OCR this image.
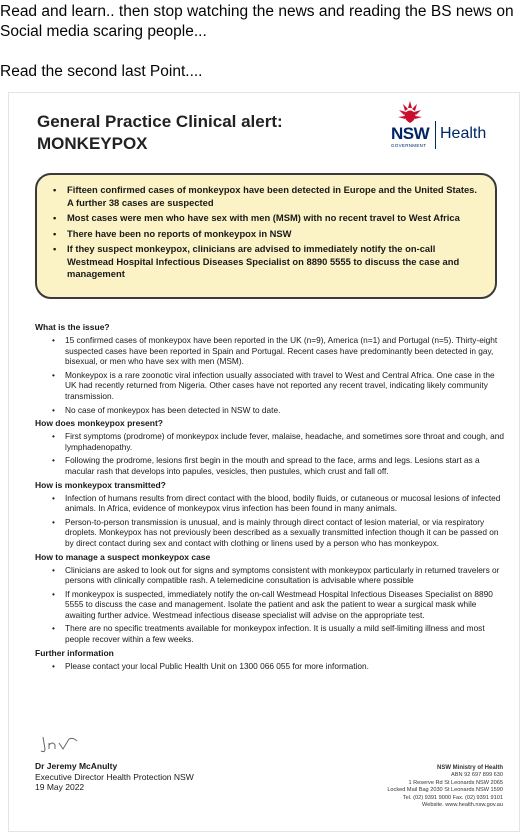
Read and learn.. then stop watching the news and reading the BS news on Social media scaring people...

Read the second last Point....

General Practice Clinical alert:
MONKEYPOX
NSW
GOVERNMENT
Health
• Fifteen confirmed cases of monkeypox have been detected in Europe and the United States. A further 38 cases are suspected
• Most cases were men who have sex with men (MSM) with no recent travel to West Africa
• There have been no reports of monkeypox in NSW
• If they suspect monkeypox, clinicians are advised to immediately notify the on-call Westmead Hospital Infectious Diseases Specialist on 8890 5555 to discuss the case and management
What is the issue?
• 15 confirmed cases of monkeypox have been reported in the UK (n=9), America (n=1) and Portugal (n=5). Thirty-eight suspected cases have been reported in Spain and Portugal. Recent cases have predominantly been detected in gay, bisexual, or men who have sex with men (MSM).
• Monkeypox is a rare zoonotic viral infection usually associated with travel to West and Central Africa. One case in the UK had recently returned from Nigeria. Other cases have not reported any recent travel, indicating likely community transmission.
• No case of monkeypox has been detected in NSW to date.
How does monkeypox present?
• First symptoms (prodrome) of monkeypox include fever, malaise, headache, and sometimes sore throat and cough, and lymphadenopathy.
• Following the prodrome, lesions first begin in the mouth and spread to the face, arms and legs. Lesions start as a macular rash that develops into papules, vesicles, then pustules, which crust and fall off.
How is monkeypox transmitted?
• Infection of humans results from direct contact with the blood, bodily fluids, or cutaneous or mucosal lesions of infected animals. In Africa, evidence of monkeypox virus infection has been found in many animals.
• Person-to-person transmission is unusual, and is mainly through direct contact of lesion material, or via respiratory droplets. Monkeypox has not previously been described as a sexually transmitted infection though it can be passed on by direct contact during sex and contact with clothing or linens used by a person who has monkeypox.
How to manage a suspect monkeypox case
• Clinicians are asked to look out for signs and symptoms consistent with monkeypox particularly in returned travelers or persons with clinically compatible rash. A telemedicine consultation is advisable where possible
• If monkeypox is suspected, immediately notify the on-call Westmead Hospital Infectious Diseases Specialist on 8890 5555 to discuss the case and management. Isolate the patient and ask the patient to wear a surgical mask while awaiting further advice. Westmead infectious disease specialist will advise on the appropriate test.
• There are no specific treatments available for monkeypox infection. It is usually a mild self-limiting illness and most people recover within a few weeks.
Further information
• Please contact your local Public Health Unit on 1300 066 055 for more information.
Dr Jeremy McAnulty
Executive Director Health Protection NSW
19 May 2022
NSW Ministry of Health
ABN 92 697 899 630
1 Reserve Rd St Leonards NSW 2065
Locked Mail Bag 2030 St Leonards NSW 1590
Tel. (02) 9391 9000 Fax. (02) 9391 9101
Website. www.health.nsw.gov.au
